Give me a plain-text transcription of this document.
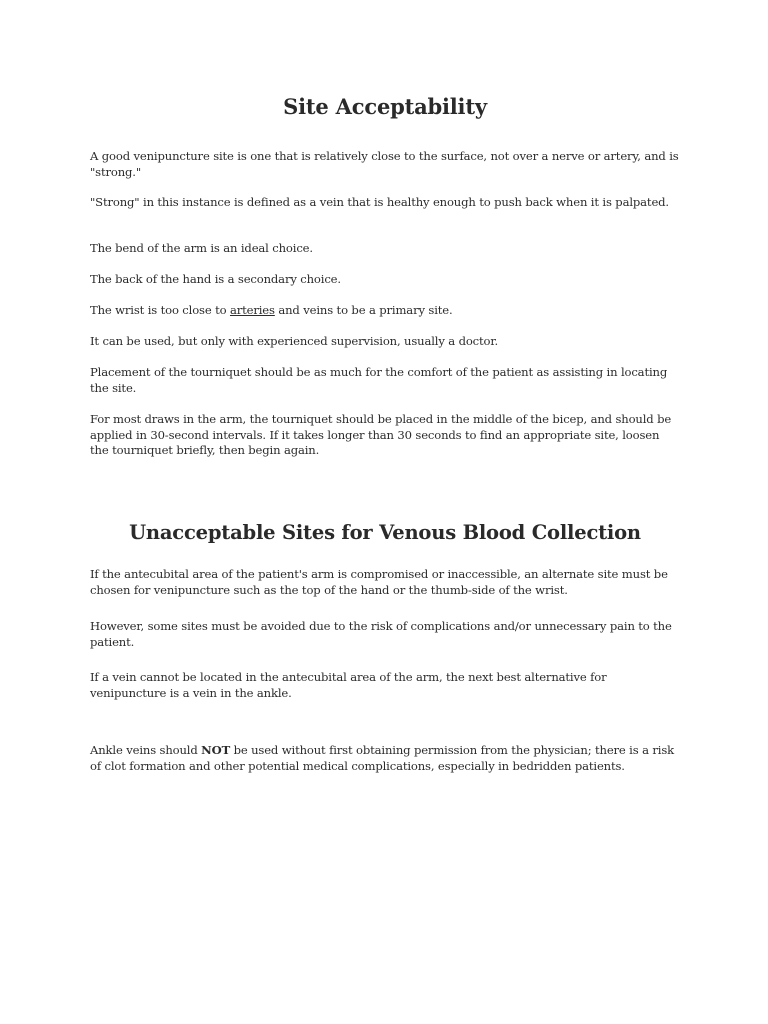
Site Acceptability

A good venipuncture site is one that is relatively close to the surface, not over a nerve or artery, and is "strong."

"Strong" in this instance is defined as a vein that is healthy enough to push back when it is palpated.

The bend of the arm is an ideal choice.

The back of the hand is a secondary choice.

The wrist is too close to arteries and veins to be a primary site.

It can be used, but only with experienced supervision, usually a doctor.

Placement of the tourniquet should be as much for the comfort of the patient as assisting in locating the site.

For most draws in the arm, the tourniquet should be placed in the middle of the bicep, and should be applied in 30-second intervals. If it takes longer than 30 seconds to find an appropriate site, loosen the tourniquet briefly, then begin again.

Unacceptable Sites for Venous Blood Collection

If the antecubital area of the patient's arm is compromised or inaccessible, an alternate site must be chosen for venipuncture such as the top of the hand or the thumb-side of the wrist.

However, some sites must be avoided due to the risk of complications and/or unnecessary pain to the patient.

If a vein cannot be located in the antecubital area of the arm, the next best alternative for venipuncture is a vein in the ankle.

Ankle veins should NOT be used without first obtaining permission from the physician; there is a risk of clot formation and other potential medical complications, especially in bedridden patients.
